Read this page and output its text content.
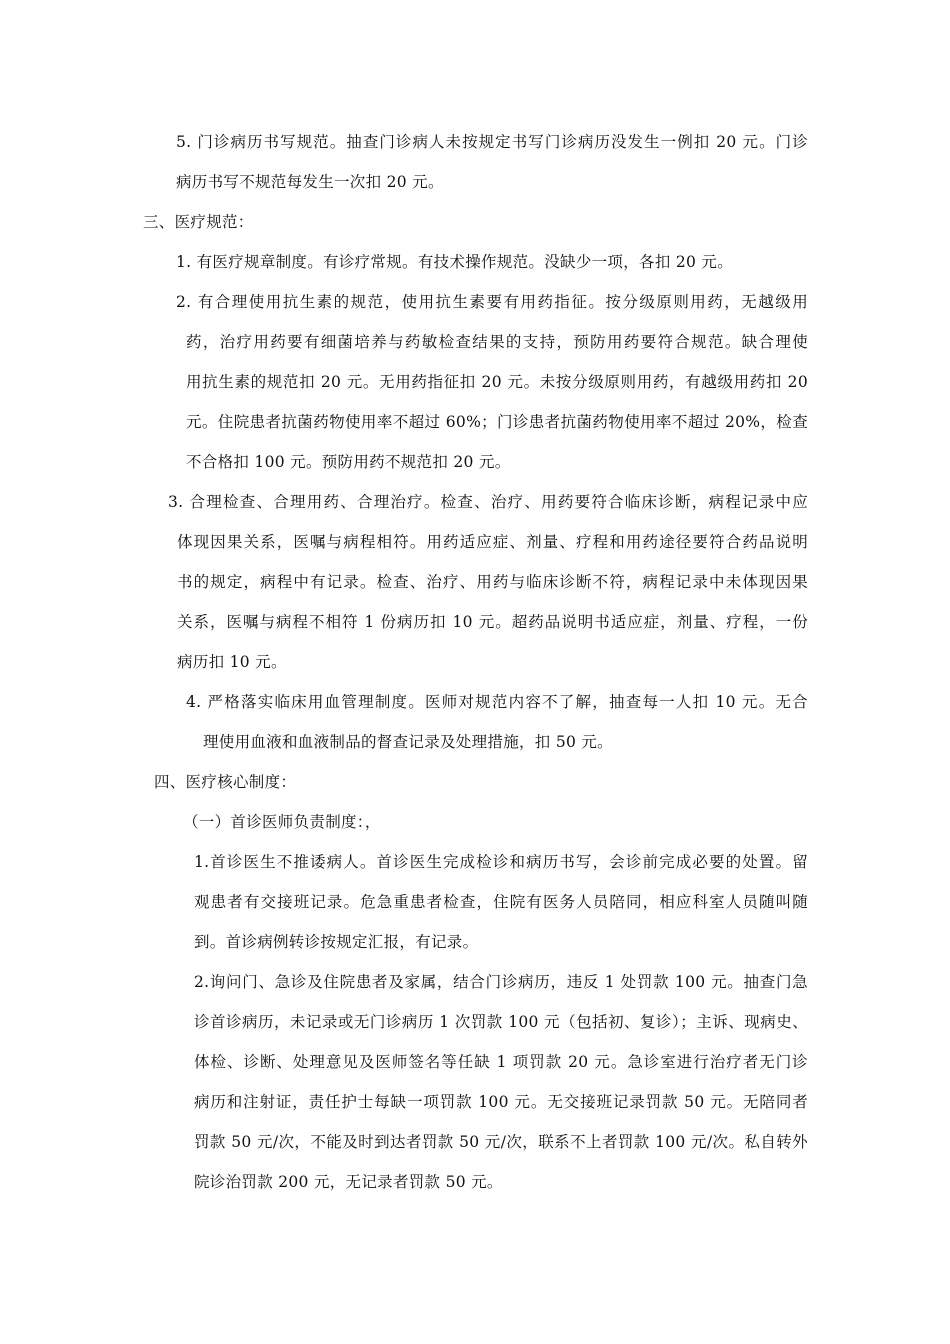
5. 门诊病历书写规范。抽查门诊病人未按规定书写门诊病历没发生一例扣 20 元。门诊
病历书写不规范每发生一次扣 20 元。
三、医疗规范：
1. 有医疗规章制度。有诊疗常规。有技术操作规范。没缺少一项，各扣 20 元。
2. 有合理使用抗生素的规范，使用抗生素要有用药指征。按分级原则用药，无越级用
药，治疗用药要有细菌培养与药敏检查结果的支持，预防用药要符合规范。缺合理使
用抗生素的规范扣 20 元。无用药指征扣 20 元。未按分级原则用药，有越级用药扣 20
元。住院患者抗菌药物使用率不超过 60%；门诊患者抗菌药物使用率不超过 20%，检查
不合格扣 100 元。预防用药不规范扣 20 元。
3. 合理检查、合理用药、合理治疗。检查、治疗、用药要符合临床诊断，病程记录中应
体现因果关系，医嘱与病程相符。用药适应症、剂量、疗程和用药途径要符合药品说明
书的规定，病程中有记录。检查、治疗、用药与临床诊断不符，病程记录中未体现因果
关系，医嘱与病程不相符 1 份病历扣 10 元。超药品说明书适应症，剂量、疗程，一份
病历扣 10 元。
4. 严格落实临床用血管理制度。医师对规范内容不了解，抽查每一人扣 10 元。无合
理使用血液和血液制品的督查记录及处理措施，扣 50 元。
四、医疗核心制度：
（一）首诊医师负责制度：，
1.首诊医生不推诿病人。首诊医生完成检诊和病历书写，会诊前完成必要的处置。留
观患者有交接班记录。危急重患者检查，住院有医务人员陪同，相应科室人员随叫随
到。首诊病例转诊按规定汇报，有记录。
2.询问门、急诊及住院患者及家属，结合门诊病历，违反 1 处罚款 100 元。抽查门急
诊首诊病历，未记录或无门诊病历 1 次罚款 100 元（包括初、复诊）；主诉、现病史、
体检、诊断、处理意见及医师签名等任缺 1 项罚款 20 元。急诊室进行治疗者无门诊
病历和注射证，责任护士每缺一项罚款 100 元。无交接班记录罚款 50 元。无陪同者
罚款 50 元/次，不能及时到达者罚款 50 元/次，联系不上者罚款 100 元/次。私自转外
院诊治罚款 200 元，无记录者罚款 50 元。
